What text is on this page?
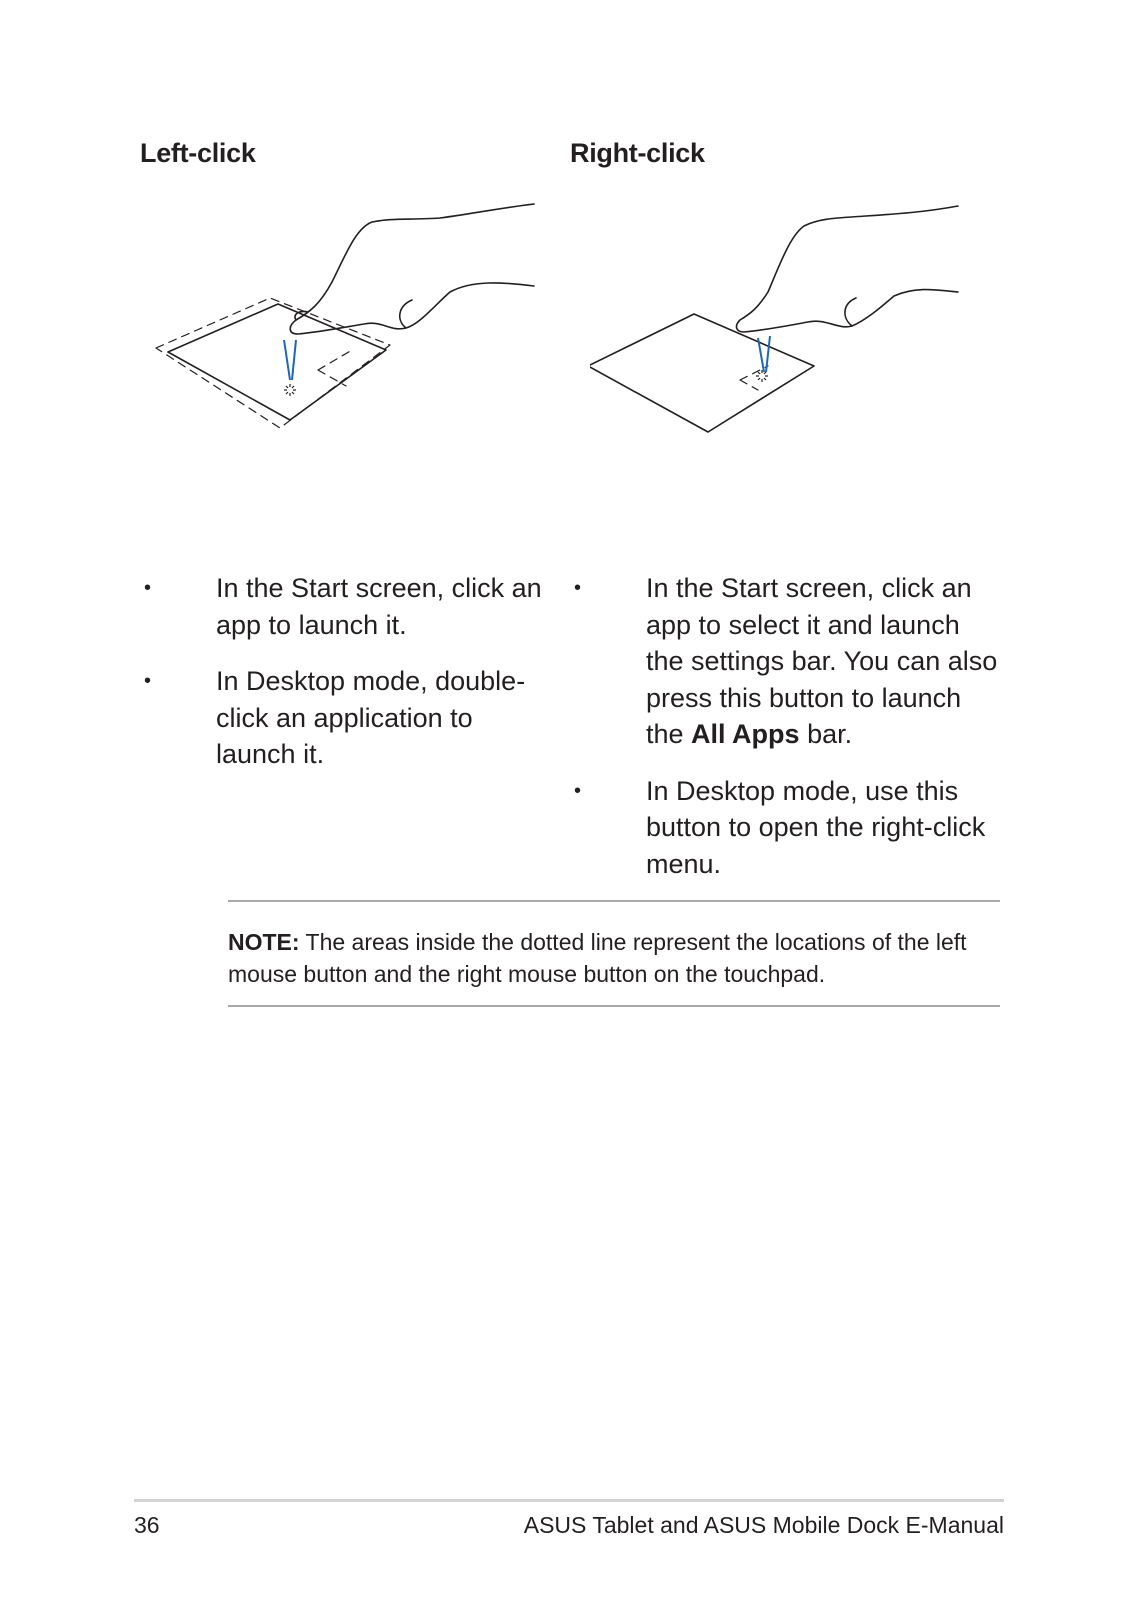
Left-click	Right-click
• In the Start screen, click an app to launch it.
• In Desktop mode, double-click an application to launch it.
• In the Start screen, click an app to select it and launch the settings bar. You can also press this button to launch the All Apps bar.
• In Desktop mode, use this button to open the right-click menu.
NOTE: The areas inside the dotted line represent the locations of the left mouse button and the right mouse button on the touchpad.
36	ASUS Tablet and ASUS Mobile Dock E-Manual
